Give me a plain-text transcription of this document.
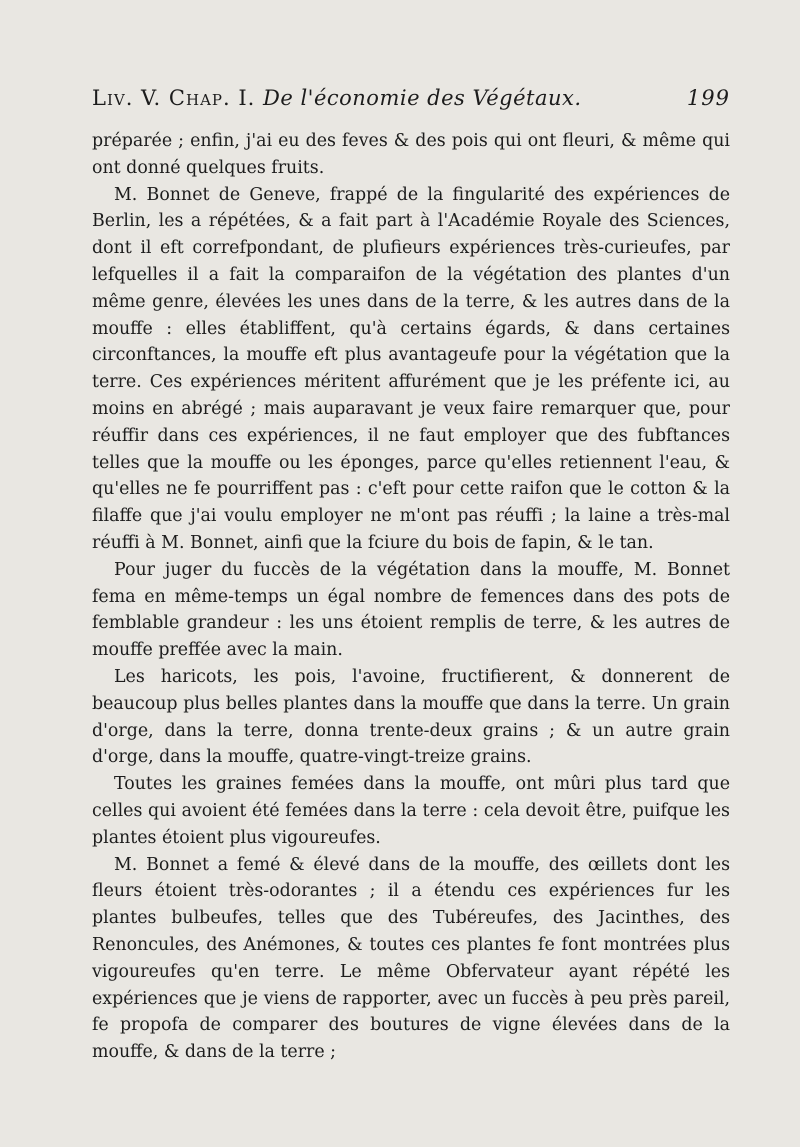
Liv. V. Chap. I. De l'économie des Végétaux.	199

préparée ; enfin, j'ai eu des feves & des pois qui ont fleuri, & même qui ont donné quelques fruits.

M. Bonnet de Geneve, frappé de la fingularité des expériences de Berlin, les a répétées, & a fait part à l'Académie Royale des Sciences, dont il eft correfpondant, de plufieurs expériences très-curieufes, par lefquelles il a fait la comparaifon de la végétation des plantes d'un même genre, élevées les unes dans de la terre, & les autres dans de la mouffe : elles établiffent, qu'à certains égards, & dans certaines circonftances, la mouffe eft plus avantageufe pour la végétation que la terre. Ces expériences méritent affurément que je les préfente ici, au moins en abrégé ; mais auparavant je veux faire remarquer que, pour réuffir dans ces expériences, il ne faut employer que des fubftances telles que la mouffe ou les éponges, parce qu'elles retiennent l'eau, & qu'elles ne fe pourriffent pas : c'eft pour cette raifon que le cotton & la filaffe que j'ai voulu employer ne m'ont pas réuffi ; la laine a très-mal réuffi à M. Bonnet, ainfi que la fciure du bois de fapin, & le tan.

Pour juger du fuccès de la végétation dans la mouffe, M. Bonnet fema en même-temps un égal nombre de femences dans des pots de femblable grandeur : les uns étoient remplis de terre, & les autres de mouffe preffée avec la main.

Les haricots, les pois, l'avoine, fructifierent, & donnerent de beaucoup plus belles plantes dans la mouffe que dans la terre. Un grain d'orge, dans la terre, donna trente-deux grains ; & un autre grain d'orge, dans la mouffe, quatre-vingt-treize grains.

Toutes les graines femées dans la mouffe, ont mûri plus tard que celles qui avoient été femées dans la terre : cela devoit être, puifque les plantes étoient plus vigoureufes.

M. Bonnet a femé & élevé dans de la mouffe, des œillets dont les fleurs étoient très-odorantes ; il a étendu ces expériences fur les plantes bulbeufes, telles que des Tubéreufes, des Jacinthes, des Renoncules, des Anémones, & toutes ces plantes fe font montrées plus vigoureufes qu'en terre. Le même Obfervateur ayant répété les expériences que je viens de rapporter, avec un fuccès à peu près pareil, fe propofa de comparer des boutures de vigne élevées dans de la mouffe, & dans de la terre ;
